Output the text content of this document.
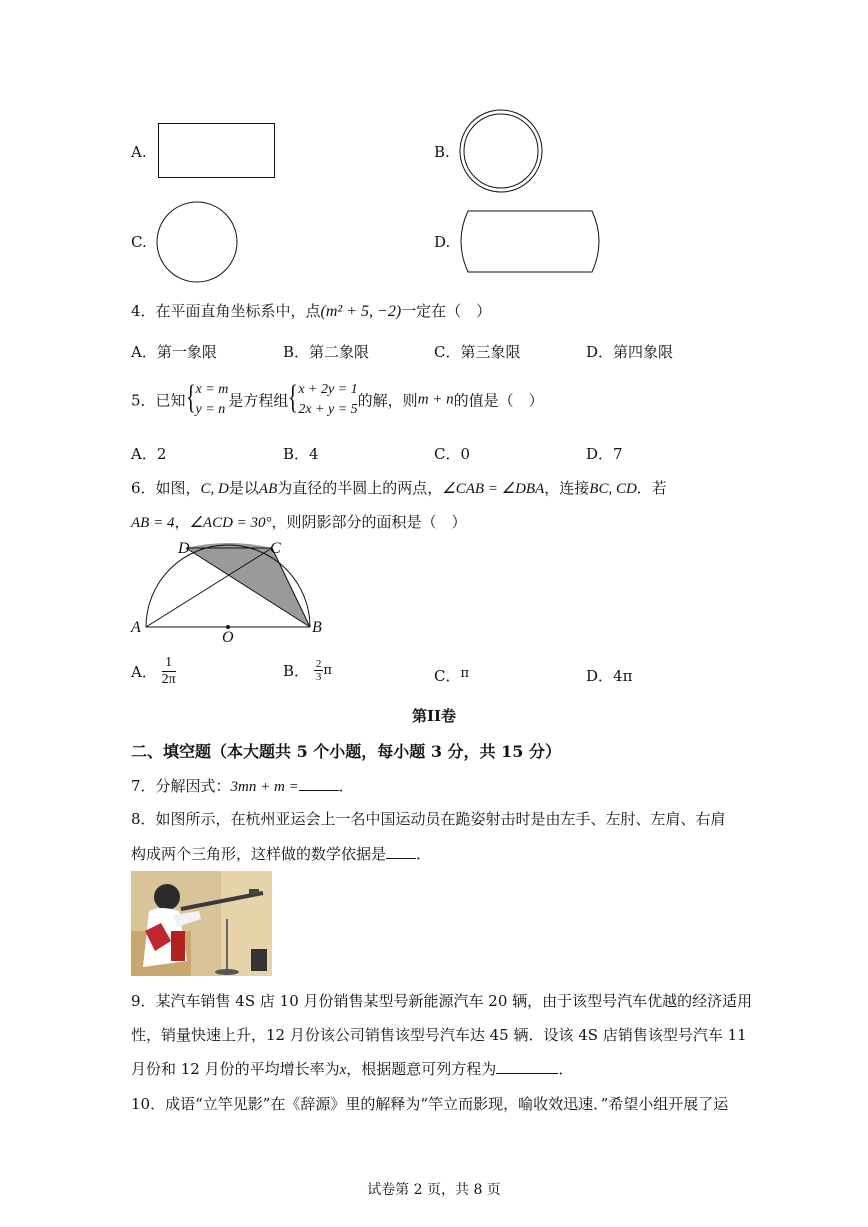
A.	B.
C.	D.
4．在平面直角坐标系中，点(m² + 5, −2)一定在（　）
A．第一象限	B．第二象限	C．第三象限	D．第四象限
5．已知 { x = m
y = n 是方程组 { x + 2y = 1
2x + y = 5 的解，则m + n的值是（　）
A．2	B．4	C．0	D．7
6．如图，C, D是以AB为直径的半圆上的两点，∠CAB = ∠DBA，连接BC, CD．若
AB = 4，∠ACD = 30°，则阴影部分的面积是（　）
D	C
A	B
O
A． $\frac{1}{2\pi}$	B． $\frac{2}{3}$ π	C．π	D．4π
第II卷
二、填空题（本大题共 5 个小题，每小题 3 分，共 15 分）
7．分解因式：3mn + m =	．
8．如图所示，在杭州亚运会上一名中国运动员在跪姿射击时是由左手、左肘、左肩、右肩
构成两个三角形，这样做的数学依据是 ．
9．某汽车销售 4S 店 10 月份销售某型号新能源汽车 20 辆，由于该型号汽车优越的经济适用
性，销量快速上升，12 月份该公司销售该型号汽车达 45 辆．设该 4S 店销售该型号汽车 11
月份和 12 月份的平均增长率为x，根据题意可列方程为	．
10．成语“立竿见影”在《辞源》里的解释为“竿立而影现，喻收效迅速．”希望小组开展了运
试卷第 2 页，共 8 页
